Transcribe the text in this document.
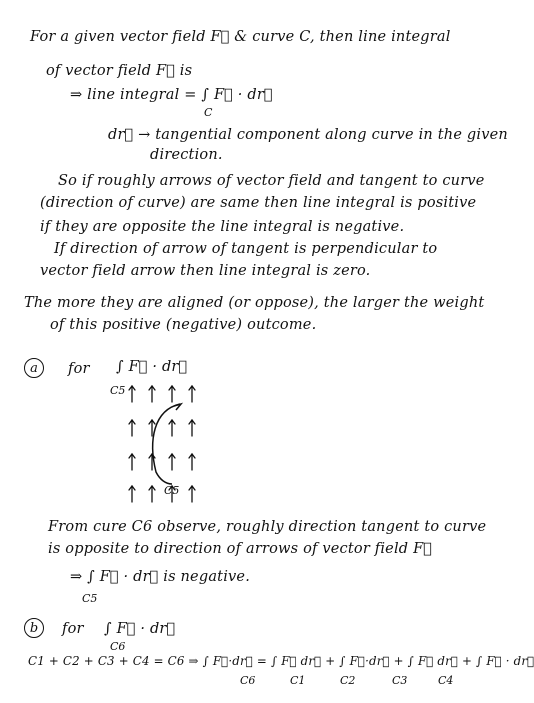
For a given vector field F⃗ & curve C, then line integral
of vector field F⃗ is
⇒ line integral = ∫ F⃗ · dr⃗
C
dr⃗ → tangential component along curve in the given
direction.
So if roughly arrows of vector field and tangent to curve
(direction of curve) are same then line integral is positive
if they are opposite the line integral is negative.
If direction of arrow of tangent is perpendicular to
vector field arrow then line integral is zero.
The more they are aligned (or oppose), the larger the weight
of this positive (negative) outcome.
a	for ∫ F⃗ · dr⃗
C5
C5
From cure C6 observe, roughly direction tangent to curve
is opposite to direction of arrows of vector field F⃗
⇒ ∫ F⃗ · dr⃗ is negative.
C5
b	for ∫ F⃗ · dr⃗
C6
C1 + C2 + C3 + C4 = C6 ⇒ ∫ F⃗·dr⃗ = ∫ F⃗ dr⃗ + ∫ F⃗·dr⃗ + ∫ F⃗ dr⃗ + ∫ F⃗ · dr⃗
C6	C1	C2	C3	C4
